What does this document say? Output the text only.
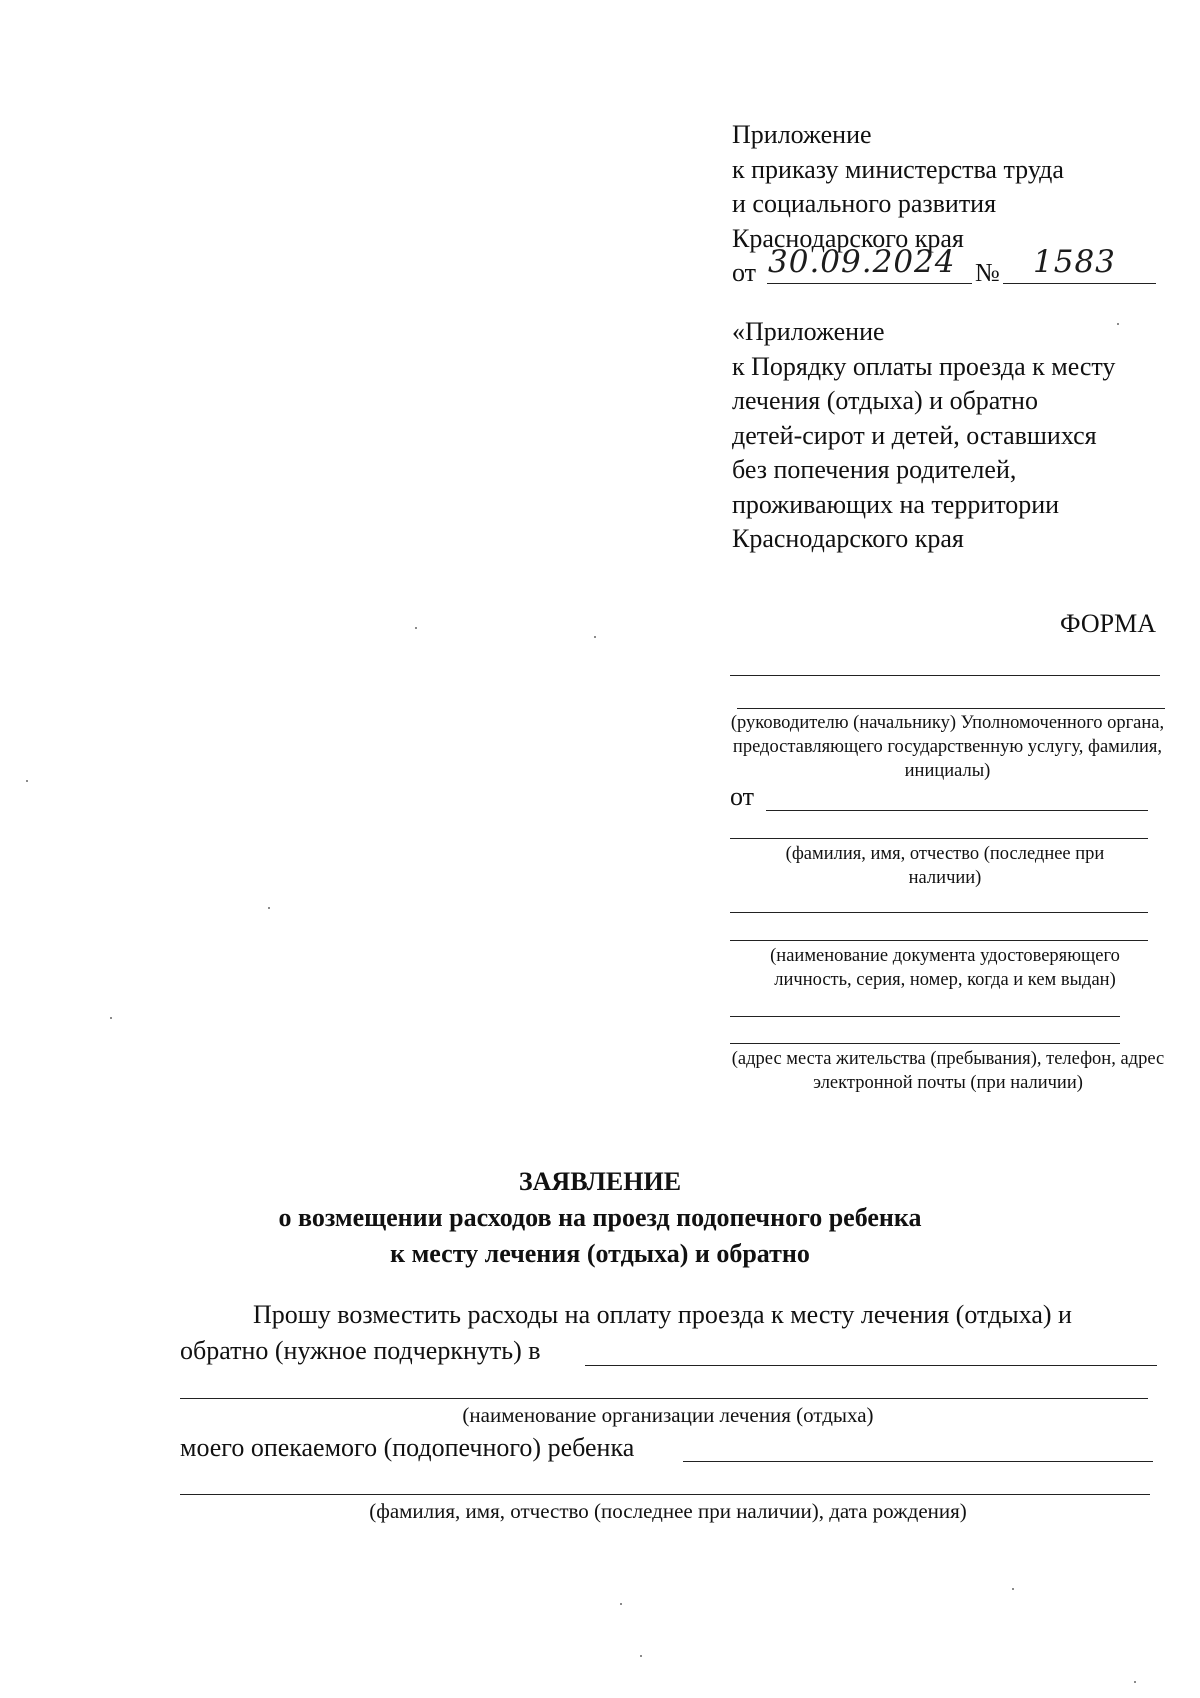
Приложение
к приказу министерства труда
и социального развития
Краснодарского края
от 30.09.2024 № 1583
«Приложение
к Порядку оплаты проезда к месту
лечения (отдыха) и обратно
детей-сирот и детей, оставшихся
без попечения родителей,
проживающих на территории
Краснодарского края
ФОРМА
(руководителю (начальнику) Уполномоченного органа, предоставляющего государственную услугу, фамилия, инициалы)
от
(фамилия, имя, отчество (последнее при наличии)
(наименование документа удостоверяющего личность, серия, номер, когда и кем выдан)
(адрес места жительства (пребывания), телефон, адрес электронной почты (при наличии)
ЗАЯВЛЕНИЕ
о возмещении расходов на проезд подопечного ребенка
к месту лечения (отдыха) и обратно
Прошу возместить расходы на оплату проезда к месту лечения (отдыха) и
обратно (нужное подчеркнуть) в
(наименование организации лечения (отдыха)
моего опекаемого (подопечного) ребенка
(фамилия, имя, отчество (последнее при наличии), дата рождения)
